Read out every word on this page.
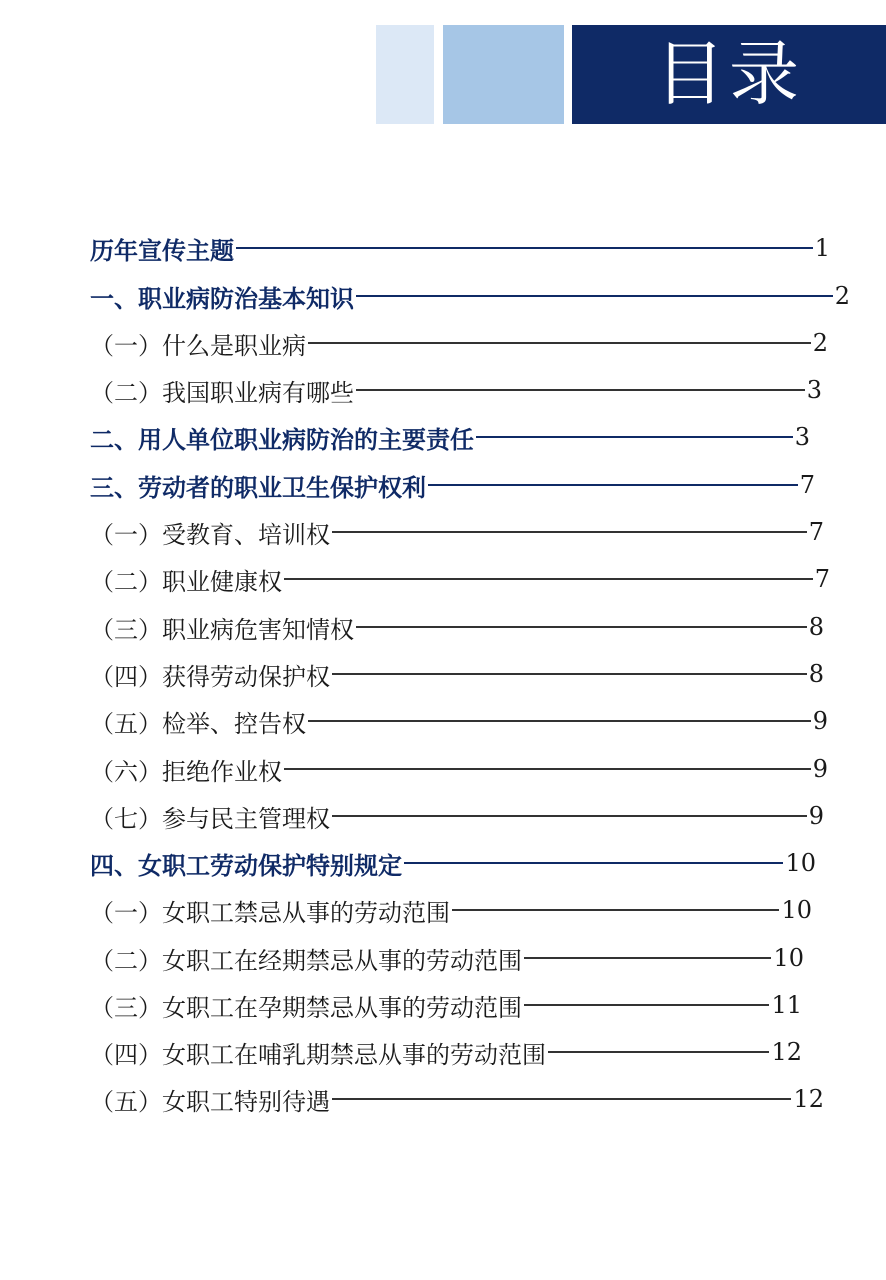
目录
历年宣传主题	1
一、职业病防治基本知识	2
（一）什么是职业病	2
（二）我国职业病有哪些	3
二、用人单位职业病防治的主要责任	3
三、劳动者的职业卫生保护权利	7
（一）受教育、培训权	7
（二）职业健康权	7
（三）职业病危害知情权	8
（四）获得劳动保护权	8
（五）检举、控告权	9
（六）拒绝作业权	9
（七）参与民主管理权	9
四、女职工劳动保护特别规定	10
（一）女职工禁忌从事的劳动范围	10
（二）女职工在经期禁忌从事的劳动范围	10
（三）女职工在孕期禁忌从事的劳动范围	11
（四）女职工在哺乳期禁忌从事的劳动范围	12
（五）女职工特别待遇	12
